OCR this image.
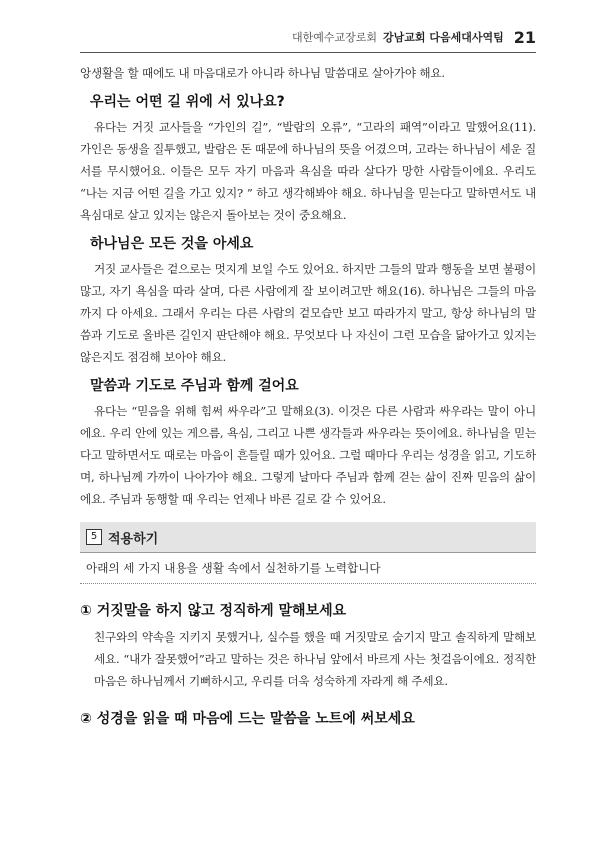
대한예수교장로회 강남교회 다음세대사역팀 21

앙생활을 할 때에도 내 마음대로가 아니라 하나님 말씀대로 살아가야 해요.

우리는 어떤 길 위에 서 있나요?

유다는 거짓 교사들을 “가인의 길”, “발람의 오류”, “고라의 패역”이라고 말했어요(11). 가인은 동생을 질투했고, 발람은 돈 때문에 하나님의 뜻을 어겼으며, 고라는 하나님이 세운 질서를 무시했어요. 이들은 모두 자기 마음과 욕심을 따라 살다가 망한 사람들이에요. 우리도 “나는 지금 어떤 길을 가고 있지? ” 하고 생각해봐야 해요. 하나님을 믿는다고 말하면서도 내 욕심대로 살고 있지는 않은지 돌아보는 것이 중요해요.

하나님은 모든 것을 아세요

거짓 교사들은 겉으로는 멋지게 보일 수도 있어요. 하지만 그들의 말과 행동을 보면 불평이 많고, 자기 욕심을 따라 살며, 다른 사람에게 잘 보이려고만 해요(16). 하나님은 그들의 마음까지 다 아세요. 그래서 우리는 다른 사람의 겉모습만 보고 따라가지 말고, 항상 하나님의 말씀과 기도로 올바른 길인지 판단해야 해요. 무엇보다 나 자신이 그런 모습을 닮아가고 있지는 않은지도 점검해 보아야 해요.

말씀과 기도로 주님과 함께 걸어요

유다는 “믿음을 위해 힘써 싸우라”고 말해요(3). 이것은 다른 사람과 싸우라는 말이 아니에요. 우리 안에 있는 게으름, 욕심, 그리고 나쁜 생각들과 싸우라는 뜻이에요. 하나님을 믿는다고 말하면서도 때로는 마음이 흔들릴 때가 있어요. 그럴 때마다 우리는 성경을 읽고, 기도하며, 하나님께 가까이 나아가야 해요. 그렇게 날마다 주님과 함께 걷는 삶이 진짜 믿음의 삶이에요. 주님과 동행할 때 우리는 언제나 바른 길로 갈 수 있어요.

5 적용하기
아래의 세 가지 내용을 생활 속에서 실천하기를 노력합니다
① 거짓말을 하지 않고 정직하게 말해보세요

친구와의 약속을 지키지 못했거나, 실수를 했을 때 거짓말로 숨기지 말고 솔직하게 말해보세요. “내가 잘못했어”라고 말하는 것은 하나님 앞에서 바르게 사는 첫걸음이에요. 정직한 마음은 하나님께서 기뻐하시고, 우리를 더욱 성숙하게 자라게 해 주세요.

② 성경을 읽을 때 마음에 드는 말씀을 노트에 써보세요
